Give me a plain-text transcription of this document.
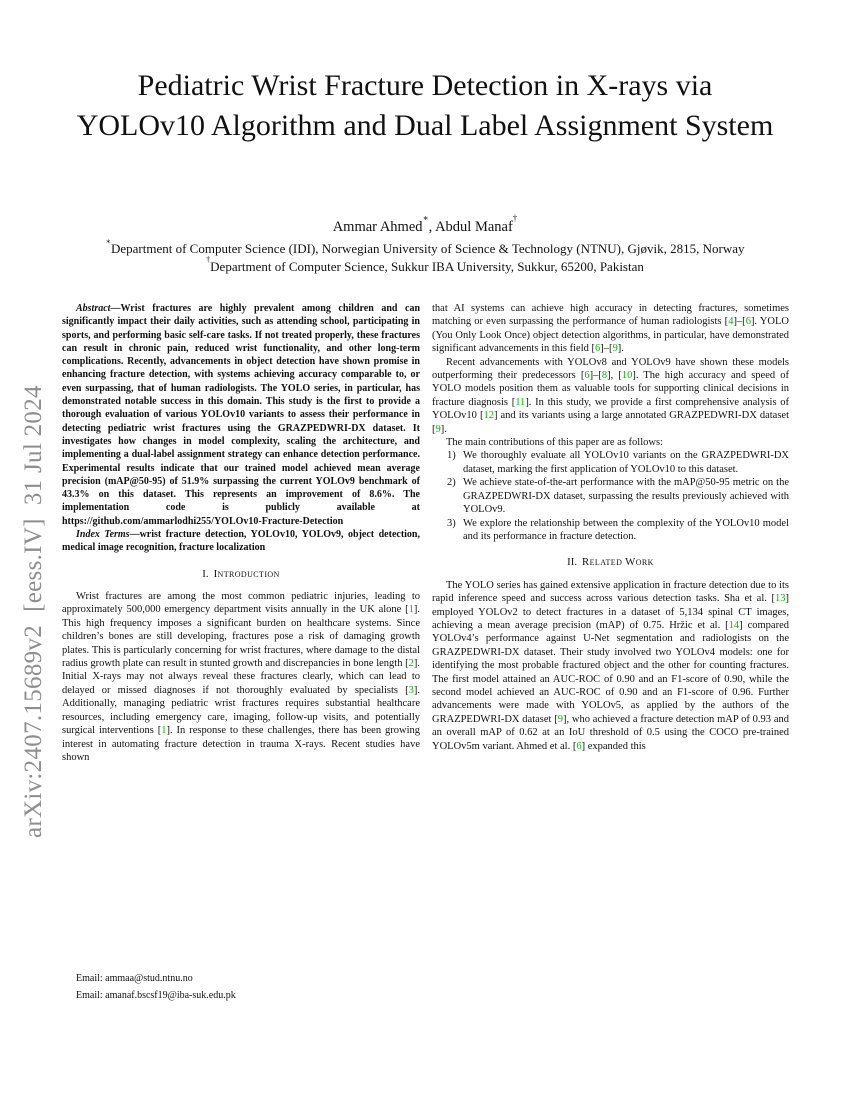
arXiv:2407.15689v2  [eess.IV]  31 Jul 2024
Pediatric Wrist Fracture Detection in X-rays via YOLOv10 Algorithm and Dual Label Assignment System
Ammar Ahmed∗, Abdul Manaf†
∗Department of Computer Science (IDI), Norwegian University of Science & Technology (NTNU), Gjøvik, 2815, Norway
†Department of Computer Science, Sukkur IBA University, Sukkur, 65200, Pakistan

Abstract—Wrist fractures are highly prevalent among children and can significantly impact their daily activities, such as attending school, participating in sports, and performing basic self-care tasks. If not treated properly, these fractures can result in chronic pain, reduced wrist functionality, and other long-term complications. Recently, advancements in object detection have shown promise in enhancing fracture detection, with systems achieving accuracy comparable to, or even surpassing, that of human radiologists. The YOLO series, in particular, has demonstrated notable success in this domain. This study is the first to provide a thorough evaluation of various YOLOv10 variants to assess their performance in detecting pediatric wrist fractures using the GRAZPEDWRI-DX dataset. It investigates how changes in model complexity, scaling the architecture, and implementing a dual-label assignment strategy can enhance detection performance. Experimental results indicate that our trained model achieved mean average precision (mAP@50-95) of 51.9% surpassing the current YOLOv9 benchmark of 43.3% on this dataset. This represents an improvement of 8.6%. The implementation code is publicly available at https://github.com/ammarlodhi255/YOLOv10-Fracture-Detection

Index Terms—wrist fracture detection, YOLOv10, YOLOv9, object detection, medical image recognition, fracture localization

I. Introduction

Wrist fractures are among the most common pediatric injuries, leading to approximately 500,000 emergency department visits annually in the UK alone [1]. This high frequency imposes a significant burden on healthcare systems. Since children’s bones are still developing, fractures pose a risk of damaging growth plates. This is particularly concerning for wrist fractures, where damage to the distal radius growth plate can result in stunted growth and discrepancies in bone length [2]. Initial X-rays may not always reveal these fractures clearly, which can lead to delayed or missed diagnoses if not thoroughly evaluated by specialists [3]. Additionally, managing pediatric wrist fractures requires substantial healthcare resources, including emergency care, imaging, follow-up visits, and potentially surgical interventions [1]. In response to these challenges, there has been growing interest in automating fracture detection in trauma X-rays. Recent studies have shown

Email: ammaa@stud.ntnu.no
Email: amanaf.bscsf19@iba-suk.edu.pk

that AI systems can achieve high accuracy in detecting fractures, sometimes matching or even surpassing the performance of human radiologists [4]–[6]. YOLO (You Only Look Once) object detection algorithms, in particular, have demonstrated significant advancements in this field [6]–[9].

Recent advancements with YOLOv8 and YOLOv9 have shown these models outperforming their predecessors [6]–[8], [10]. The high accuracy and speed of YOLO models position them as valuable tools for supporting clinical decisions in fracture diagnosis [11]. In this study, we provide a first comprehensive analysis of YOLOv10 [12] and its variants using a large annotated GRAZPEDWRI-DX dataset [9].

The main contributions of this paper are as follows:

1) We thoroughly evaluate all YOLOv10 variants on the GRAZPEDWRI-DX dataset, marking the first application of YOLOv10 to this dataset.
2) We achieve state-of-the-art performance with the mAP@50-95 metric on the GRAZPEDWRI-DX dataset, surpassing the results previously achieved with YOLOv9.
3) We explore the relationship between the complexity of the YOLOv10 model and its performance in fracture detection.
II. Related Work

The YOLO series has gained extensive application in fracture detection due to its rapid inference speed and success across various detection tasks. Sha et al. [13] employed YOLOv2 to detect fractures in a dataset of 5,134 spinal CT images, achieving a mean average precision (mAP) of 0.75. Hržic et al. [14] compared YOLOv4’s performance against U-Net segmentation and radiologists on the GRAZPEDWRI-DX dataset. Their study involved two YOLOv4 models: one for identifying the most probable fractured object and the other for counting fractures. The first model attained an AUC-ROC of 0.90 and an F1-score of 0.90, while the second model achieved an AUC-ROC of 0.90 and an F1-score of 0.96. Further advancements were made with YOLOv5, as applied by the authors of the GRAZPEDWRI-DX dataset [9], who achieved a fracture detection mAP of 0.93 and an overall mAP of 0.62 at an IoU threshold of 0.5 using the COCO pre-trained YOLOv5m variant. Ahmed et al. [6] expanded this
